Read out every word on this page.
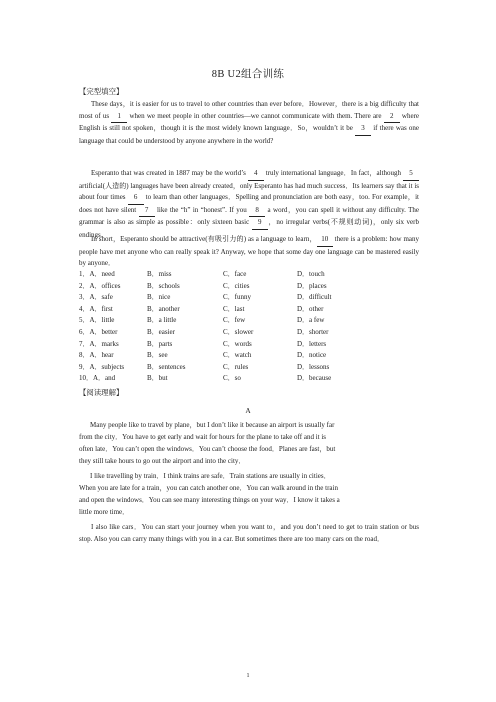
8B U2组合训练
【完型填空】

These days，it is easier for us to travel to other countries than ever before．However，there is a big difficulty that most of us 1 when we meet people in other countries—we cannot communicate with them. There are 2 where English is still not spoken，though it is the most widely known language．So，wouldn’t it be 3 if there was one language that could be understood by anyone anywhere in the world?

Esperanto that was created in 1887 may be the world’s 4 truly international language．In fact，although 5 artificial(人造的) languages have been already created，only Esperanto has had much success．Its learners say that it is about four times 6 to learn than other languages．Spelling and pronunciation are both easy，too. For example，it does not have silent 7 like the “h” in “honest”. If you 8 a word，you can spell it without any difficulty. The grammar is also as simple as possible：only sixteen basic 9 ，no irregular verbs(不规则动词)，only six verb endings．

In short，Esperanto should be attractive(有吸引力的) as a language to learn， 10 there is a problem: how many people have met anyone who can really speak it? Anyway, we hope that some day one language can be mastered easily by anyone．

1．A．need	B．miss	C．face	D．touch
2．A．offices	B．schools	C．cities	D．places
3．A．safe	B．nice	C．funny	D．difficult
4．A．first	B．another	C．last	D．other
5．A．little	B．a little	C．few	D．a few
6．A．better	B．easier	C．slower	D．shorter
7．A．marks	B．parts	C．words	D．letters
8．A．hear	B．see	C．watch	D．notice
9．A．subjects	B．sentences	C．rules	D．lessons
10．A．and	B．but	C．so	D．because
【阅读理解】
A
Many people like to travel by plane，but I don’t like it because an airport is usually far
from the city．You have to get early and wait for hours for the plane to take off and it is
often late．You can’t open the windows．You can’t choose the food．Planes are fast，but
they still take hours to go out the airport and into the city．
I like travelling by train．I think trains are safe．Train stations are usually in cities．
When you are late for a train，you can catch another one．You can walk around in the train
and open the windows．You can see many interesting things on your way．I know it takes a
little more time．

I also like cars．You can start your journey when you want to，and you don’t need to get to train station or bus stop. Also you can carry many things with you in a car. But sometimes there are too many cars on the road．

1
